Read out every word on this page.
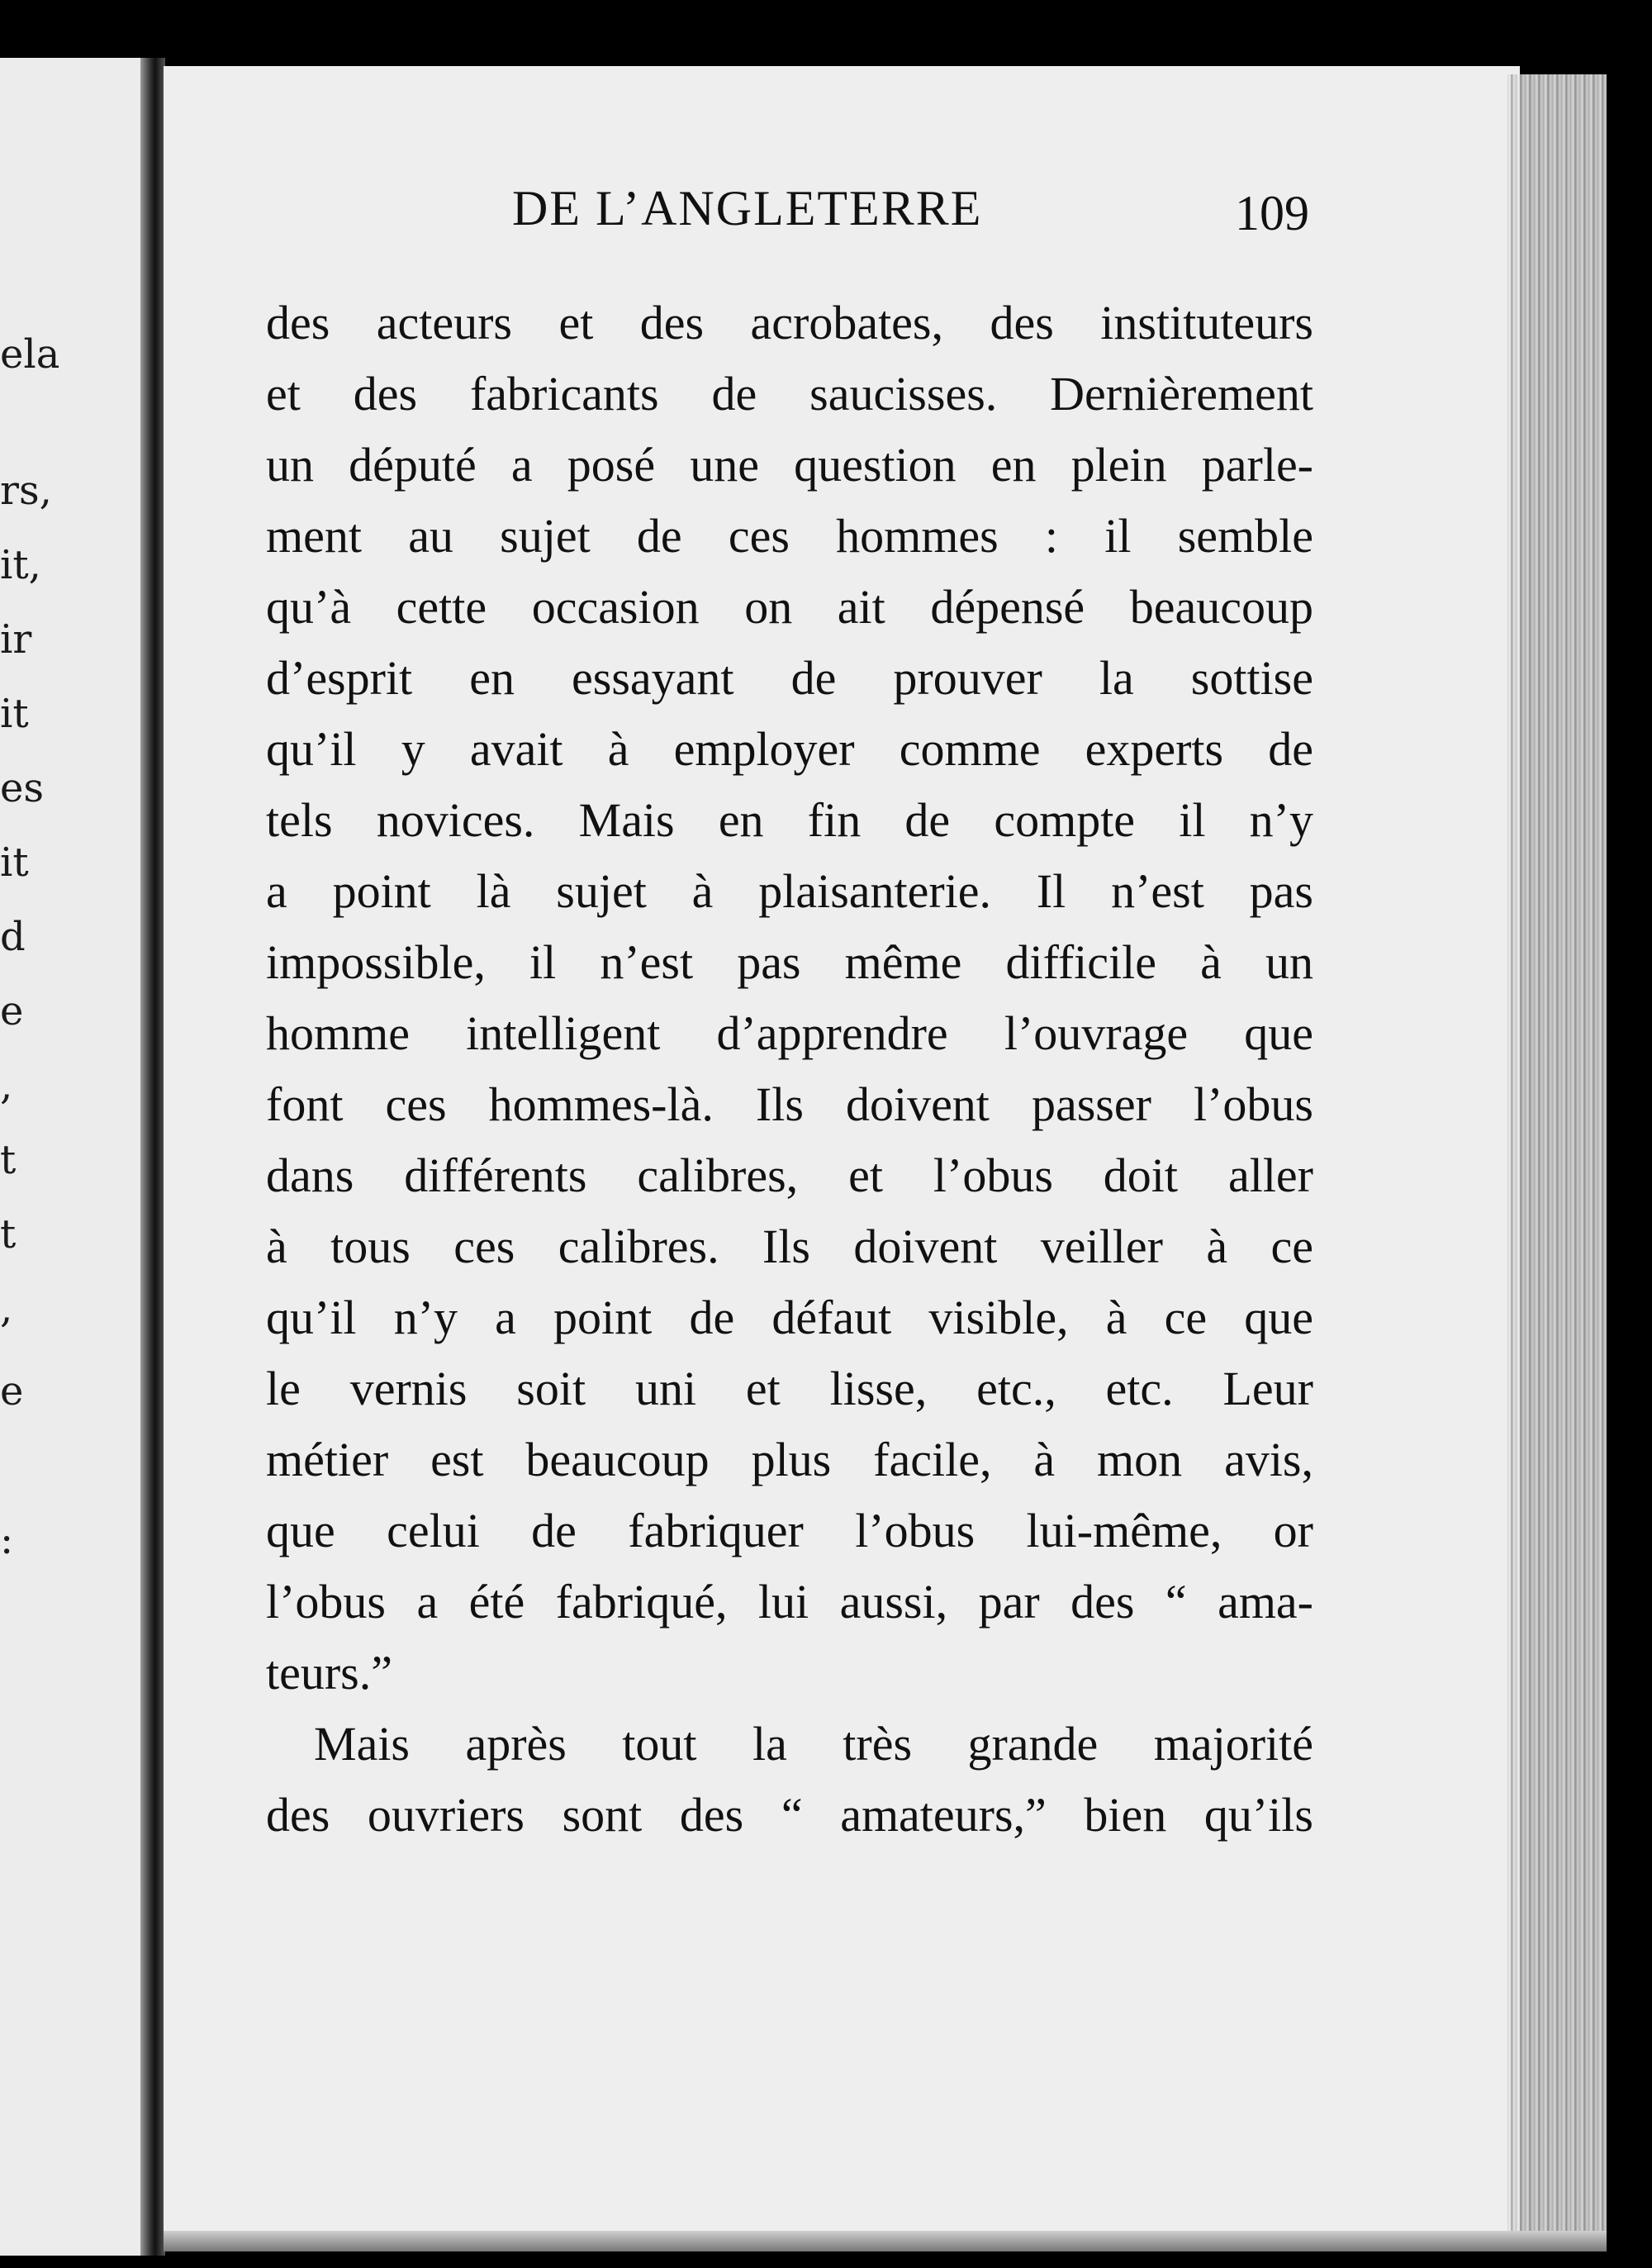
ela
rs,
it,
ir
it
es
it
d
e
,
t
t
,
e
:
DE L’ANGLETERRE	109
des acteurs et des acrobates, des instituteurs
et des fabricants de saucisses. Dernièrement
un député a posé une question en plein parle-
ment au sujet de ces hommes : il semble
qu’à cette occasion on ait dépensé beaucoup
d’esprit en essayant de prouver la sottise
qu’il y avait à employer comme experts de
tels novices. Mais en fin de compte il n’y
a point là sujet à plaisanterie. Il n’est pas
impossible, il n’est pas même difficile à un
homme intelligent d’apprendre l’ouvrage que
font ces hommes-là. Ils doivent passer l’obus
dans différents calibres, et l’obus doit aller
à tous ces calibres. Ils doivent veiller à ce
qu’il n’y a point de défaut visible, à ce que
le vernis soit uni et lisse, etc., etc. Leur
métier est beaucoup plus facile, à mon avis,
que celui de fabriquer l’obus lui-même, or
l’obus a été fabriqué, lui aussi, par des “ ama-
teurs.”
Mais après tout la très grande majorité
des ouvriers sont des “ amateurs,” bien qu’ils
